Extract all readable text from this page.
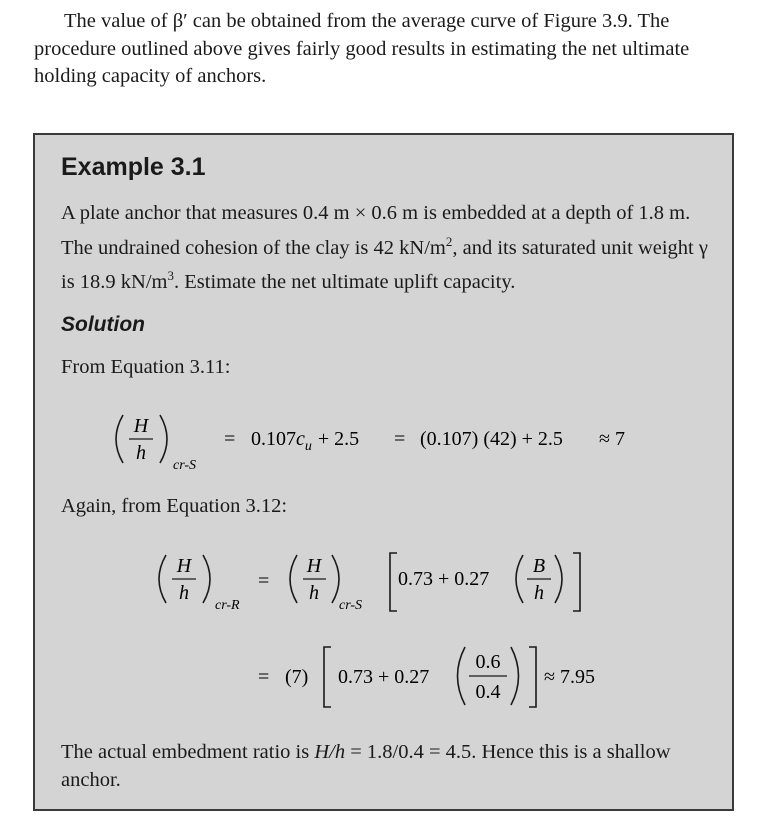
The value of β′ can be obtained from the average curve of Figure 3.9. The procedure outlined above gives fairly good results in estimating the net ultimate holding capacity of anchors.

Example 3.1

A plate anchor that measures 0.4 m × 0.6 m is embedded at a depth of 1.8 m. The undrained cohesion of the clay is 42 $kN/m^2$, and its saturated unit weight γ is 18.9 $kN/m^3$. Estimate the net ultimate uplift capacity.

Solution

From Equation 3.11:

H
h
cr-S
= $0.107c_u + 2.5 = (0.107) (42) + 2.5 \approx 7$

Again, from Equation 3.12:

H
h
cr-R
=
H
h
cr-S
0.73 + 0.27
B
h
= (7) 0.73 + 0.27
0.6
0.4
≈ 7.95

The actual embedment ratio is H/h = 1.8/0.4 = 4.5. Hence this is a shallow anchor.
